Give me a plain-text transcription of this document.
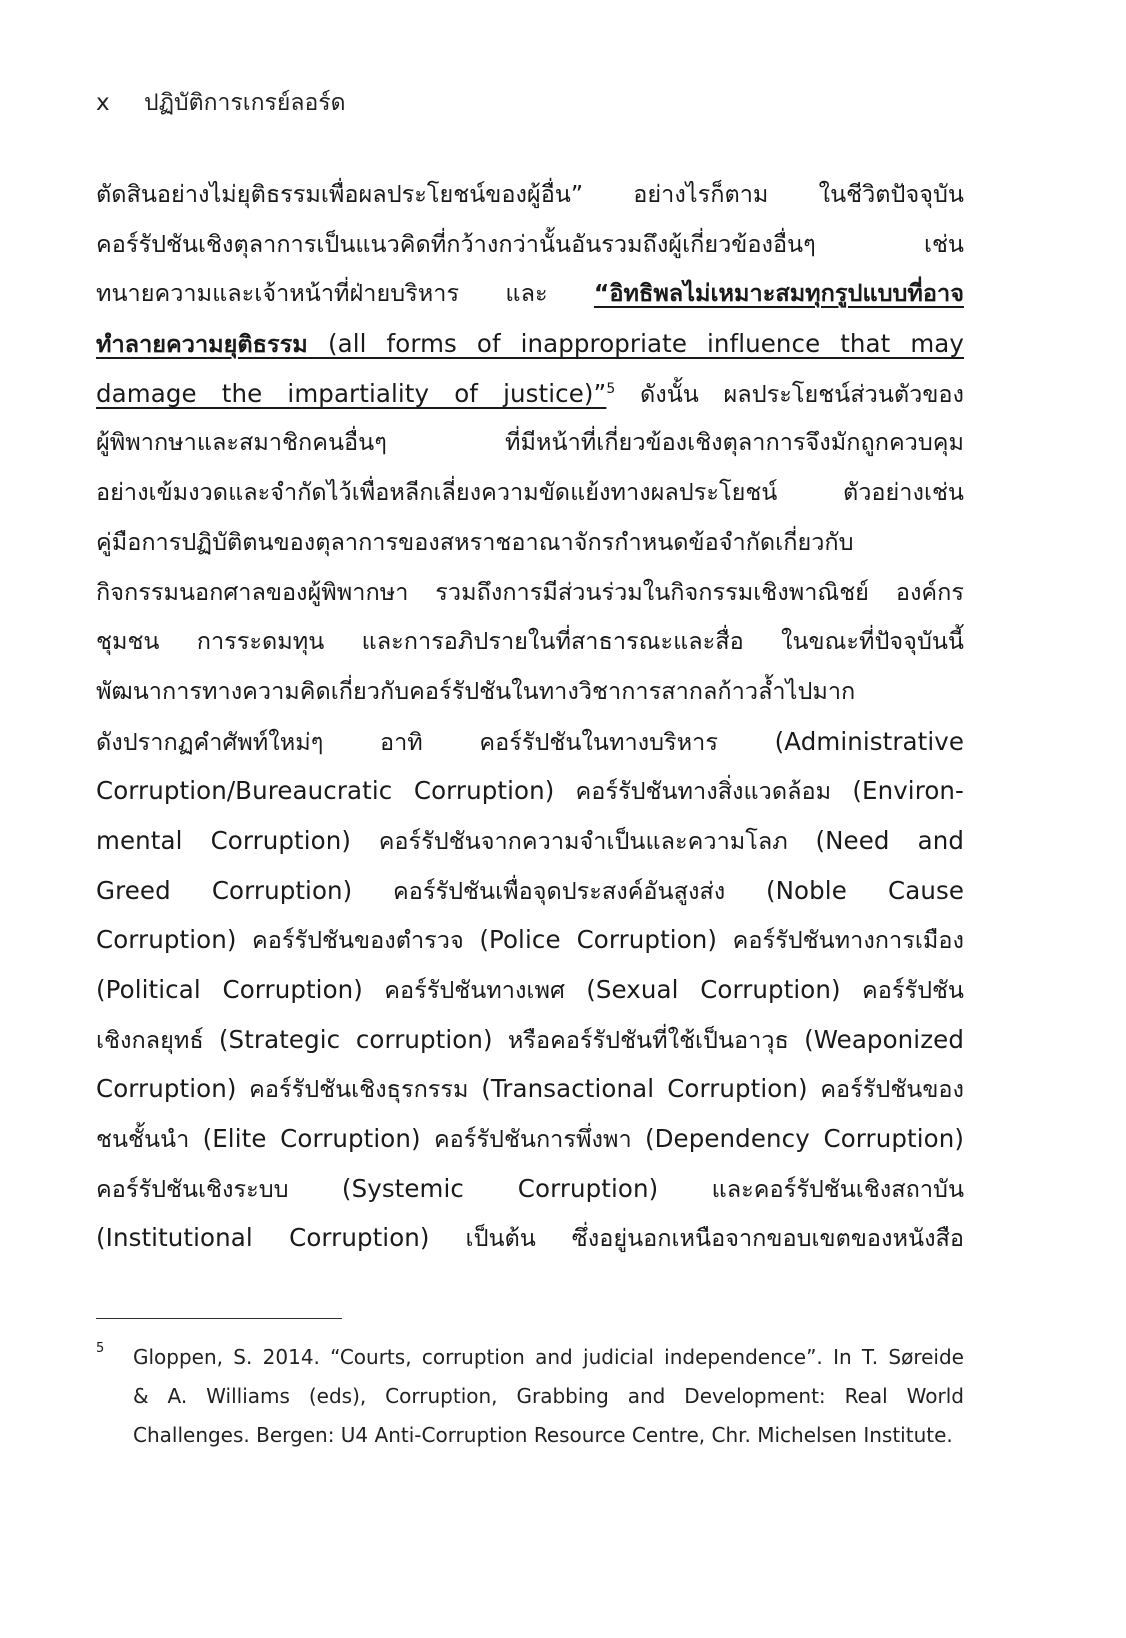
x ปฏิบัติการเกรย์ลอร์ด
ตัดสินอย่างไม่ยุติธรรมเพื่อผลประโยชน์ของผู้อื่น” อย่างไรก็ตาม ในชีวิตปัจจุบัน
คอร์รัปชันเชิงตุลาการเป็นแนวคิดที่กว้างกว่านั้นอันรวมถึงผู้เกี่ยวข้องอื่นๆ เช่น
ทนายความและเจ้าหน้าที่ฝ่ายบริหาร และ “อิทธิพลไม่เหมาะสมทุกรูปแบบที่อาจ
ทำลายความยุติธรรม (all forms of inappropriate influence that may
damage the impartiality of justice)”$^5$ ดังนั้น ผลประโยชน์ส่วนตัวของ
ผู้พิพากษาและสมาชิกคนอื่นๆ ที่มีหน้าที่เกี่ยวข้องเชิงตุลาการจึงมักถูกควบคุม
อย่างเข้มงวดและจำกัดไว้เพื่อหลีกเลี่ยงความขัดแย้งทางผลประโยชน์ ตัวอย่างเช่น
คู่มือการปฏิบัติตนของตุลาการของสหราชอาณาจักรกำหนดข้อจำกัดเกี่ยวกับ
กิจกรรมนอกศาลของผู้พิพากษา รวมถึงการมีส่วนร่วมในกิจกรรมเชิงพาณิชย์ องค์กร
ชุมชน การระดมทุน และการอภิปรายในที่สาธารณะและสื่อ ในขณะที่ปัจจุบันนี้
พัฒนาการทางความคิดเกี่ยวกับคอร์รัปชันในทางวิชาการสากลก้าวล้ำไปมาก
ดังปรากฏคำศัพท์ใหม่ๆ อาทิ คอร์รัปชันในทางบริหาร (Administrative
Corruption/Bureaucratic Corruption) คอร์รัปชันทางสิ่งแวดล้อม (Environ-
mental Corruption) คอร์รัปชันจากความจำเป็นและความโลภ (Need and
Greed Corruption) คอร์รัปชันเพื่อจุดประสงค์อันสูงส่ง (Noble Cause
Corruption) คอร์รัปชันของตำรวจ (Police Corruption) คอร์รัปชันทางการเมือง
(Political Corruption) คอร์รัปชันทางเพศ (Sexual Corruption) คอร์รัปชัน
เชิงกลยุทธ์ (Strategic corruption) หรือคอร์รัปชันที่ใช้เป็นอาวุธ (Weaponized
Corruption) คอร์รัปชันเชิงธุรกรรม (Transactional Corruption) คอร์รัปชันของ
ชนชั้นนำ (Elite Corruption) คอร์รัปชันการพึ่งพา (Dependency Corruption)
คอร์รัปชันเชิงระบบ (Systemic Corruption) และคอร์รัปชันเชิงสถาบัน
(Institutional Corruption) เป็นต้น ซึ่งอยู่นอกเหนือจากขอบเขตของหนังสือ
5 Gloppen, S. 2014. “Courts, corruption and judicial independence”. In T. Søreide
& A. Williams (eds), Corruption, Grabbing and Development: Real World
Challenges. Bergen: U4 Anti-Corruption Resource Centre, Chr. Michelsen Institute.
